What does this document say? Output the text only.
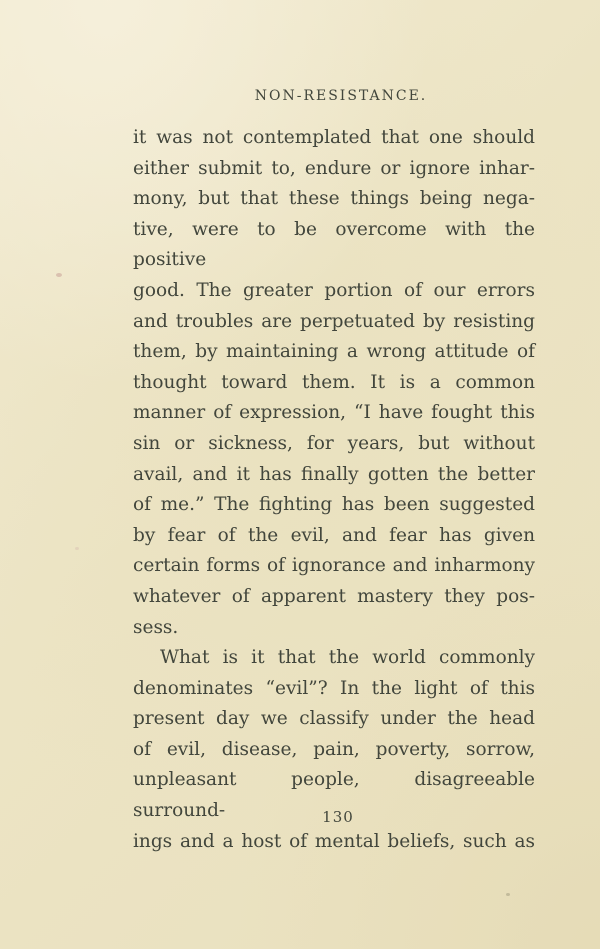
NON-RESISTANCE.
it was not contemplated that one should
either submit to, endure or ignore inhar-
mony, but that these things being nega-
tive, were to be overcome with the positive
good. The greater portion of our errors
and troubles are perpetuated by resisting
them, by maintaining a wrong attitude of
thought toward them. It is a common
manner of expression, “I have fought this
sin or sickness, for years, but without
avail, and it has finally gotten the better
of me.” The fighting has been suggested
by fear of the evil, and fear has given
certain forms of ignorance and inharmony
whatever of apparent mastery they pos-
sess.
What is it that the world commonly
denominates “evil”? In the light of this
present day we classify under the head
of evil, disease, pain, poverty, sorrow,
unpleasant people, disagreeable surround-
ings and a host of mental beliefs, such as
130
